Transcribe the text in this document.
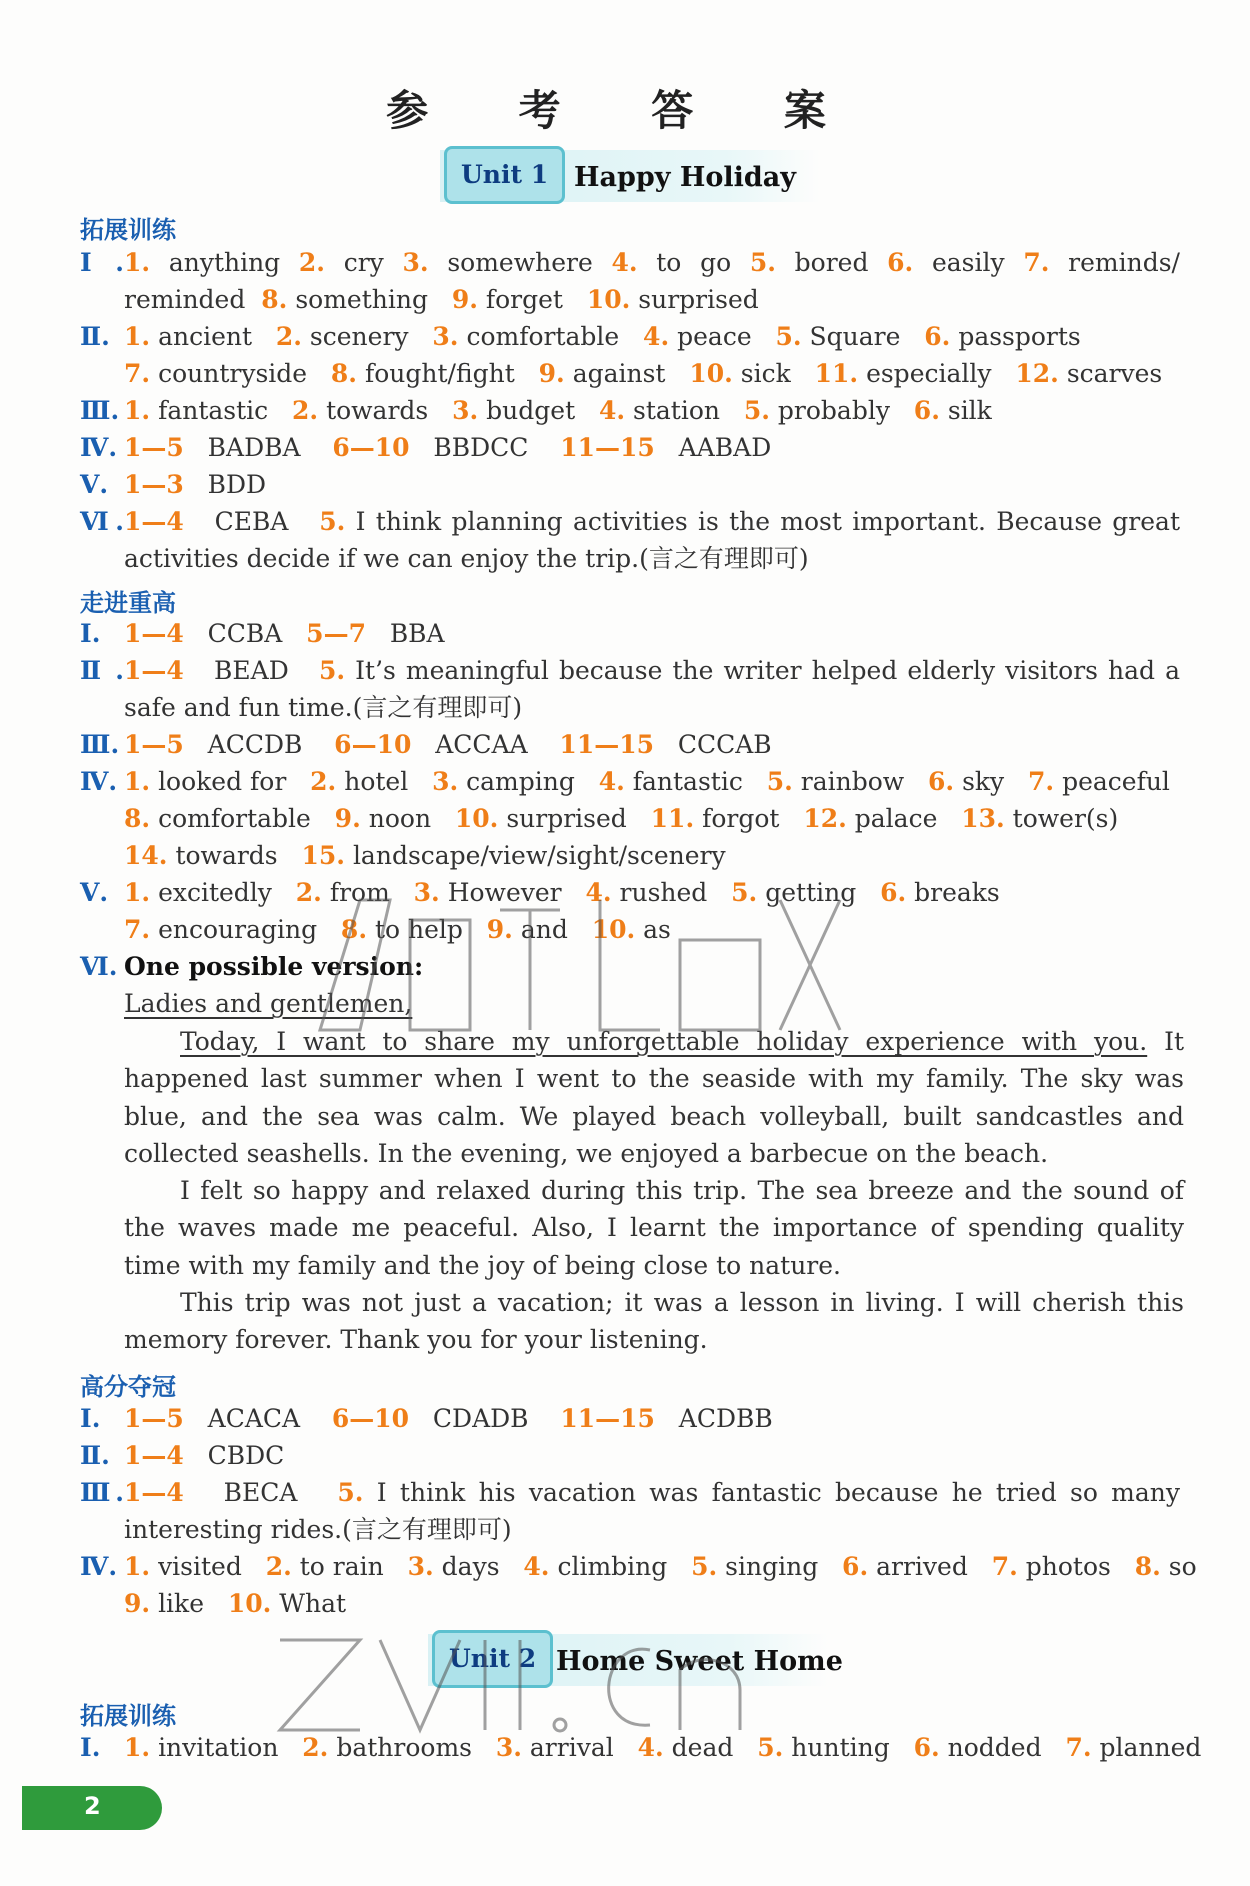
参 考 答 案
Unit 1 Happy Holiday
拓展训练
Ⅰ.1. anything 2. cry 3. somewhere 4. to go 5. bored 6. easily 7. reminds/
reminded 8. something 9. forget 10. surprised
Ⅱ. 1. ancient 2. scenery 3. comfortable 4. peace 5. Square 6. passports
7. countryside 8. fought/fight 9. against 10. sick 11. especially 12. scarves
Ⅲ. 1. fantastic 2. towards 3. budget 4. station 5. probably 6. silk
Ⅳ. 1—5 BADBA 6—10 BBDCC 11—15 AABAD
Ⅴ. 1—3 BDD
Ⅵ.1—4 CEBA 5. I think planning activities is the most important. Because great
activities decide if we can enjoy the trip.(言之有理即可)
走进重高
Ⅰ. 1—4 CCBA 5—7 BBA
Ⅱ.1—4 BEAD 5. It’s meaningful because the writer helped elderly visitors had a
safe and fun time.(言之有理即可)
Ⅲ. 1—5 ACCDB 6—10 ACCAA 11—15 CCCAB
Ⅳ. 1. looked for 2. hotel 3. camping 4. fantastic 5. rainbow 6. sky 7. peaceful
8. comfortable 9. noon 10. surprised 11. forgot 12. palace 13. tower(s)
14. towards 15. landscape/view/sight/scenery
Ⅴ. 1. excitedly 2. from 3. However 4. rushed 5. getting 6. breaks
7. encouraging 8. to help 9. and 10. as
Ⅵ. One possible version:
Ladies and gentlemen,
Today, I want to share my unforgettable holiday experience with you. It happened last summer when I went to the seaside with my family. The sky was blue, and the sea was calm. We played beach volleyball, built sandcastles and collected seashells. In the evening, we enjoyed a barbecue on the beach.
I felt so happy and relaxed during this trip. The sea breeze and the sound of the waves made me peaceful. Also, I learnt the importance of spending quality time with my family and the joy of being close to nature.
This trip was not just a vacation; it was a lesson in living. I will cherish this memory forever. Thank you for your listening.
高分夺冠
Ⅰ. 1—5 ACACA 6—10 CDADB 11—15 ACDBB
Ⅱ. 1—4 CBDC
Ⅲ.1—4 BECA 5. I think his vacation was fantastic because he tried so many
interesting rides.(言之有理即可)
Ⅳ. 1. visited 2. to rain 3. days 4. climbing 5. singing 6. arrived 7. photos 8. so
9. like 10. What
Unit 2 Home Sweet Home
拓展训练
Ⅰ. 1. invitation 2. bathrooms 3. arrival 4. dead 5. hunting 6. nodded 7. planned
2
